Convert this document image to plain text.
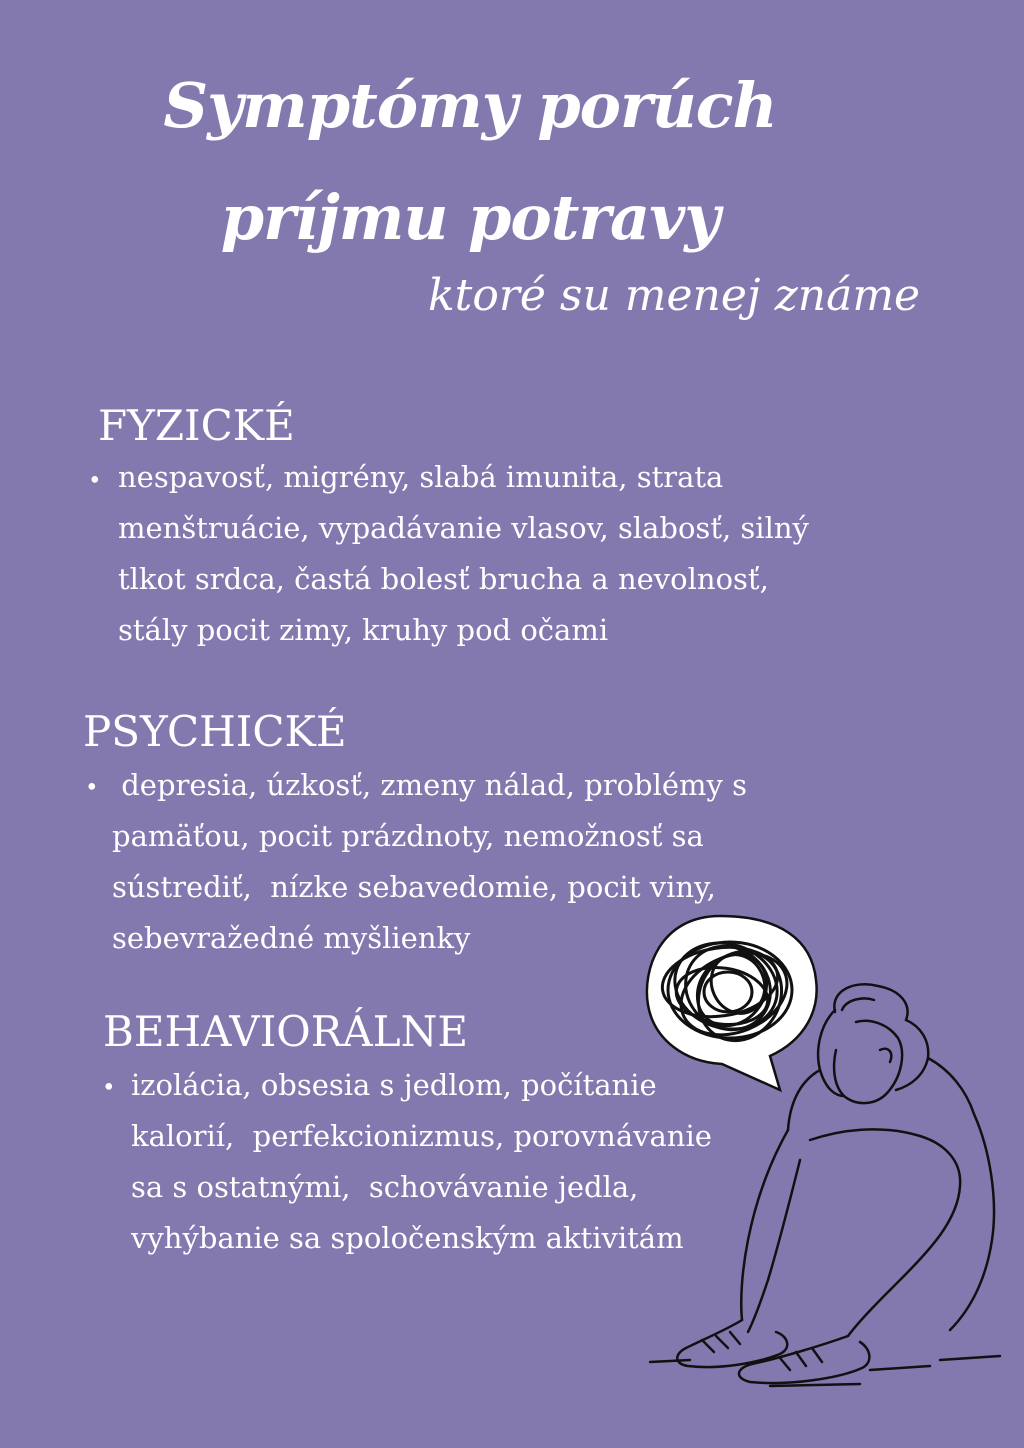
Symptómy porúch
príjmu potravy
ktoré su menej známe
FYZICKÉ
• nespavosť, migrény, slabá imunita, strata
menštruácie, vypadávanie vlasov, slabosť, silný
tlkot srdca, častá bolesť brucha a nevolnosť,
stály pocit zimy, kruhy pod očami
PSYCHICKÉ
• depresia, úzkosť, zmeny nálad, problémy s
pamäťou, pocit prázdnoty, nemožnosť sa
sústrediť,  nízke sebavedomie, pocit viny,
sebevražedné myšlienky
BEHAVIORÁLNE
• izolácia, obsesia s jedlom, počítanie
kalorií,  perfekcionizmus, porovnávanie
sa s ostatnými,  schovávanie jedla,
vyhýbanie sa spoločenským aktivitám
